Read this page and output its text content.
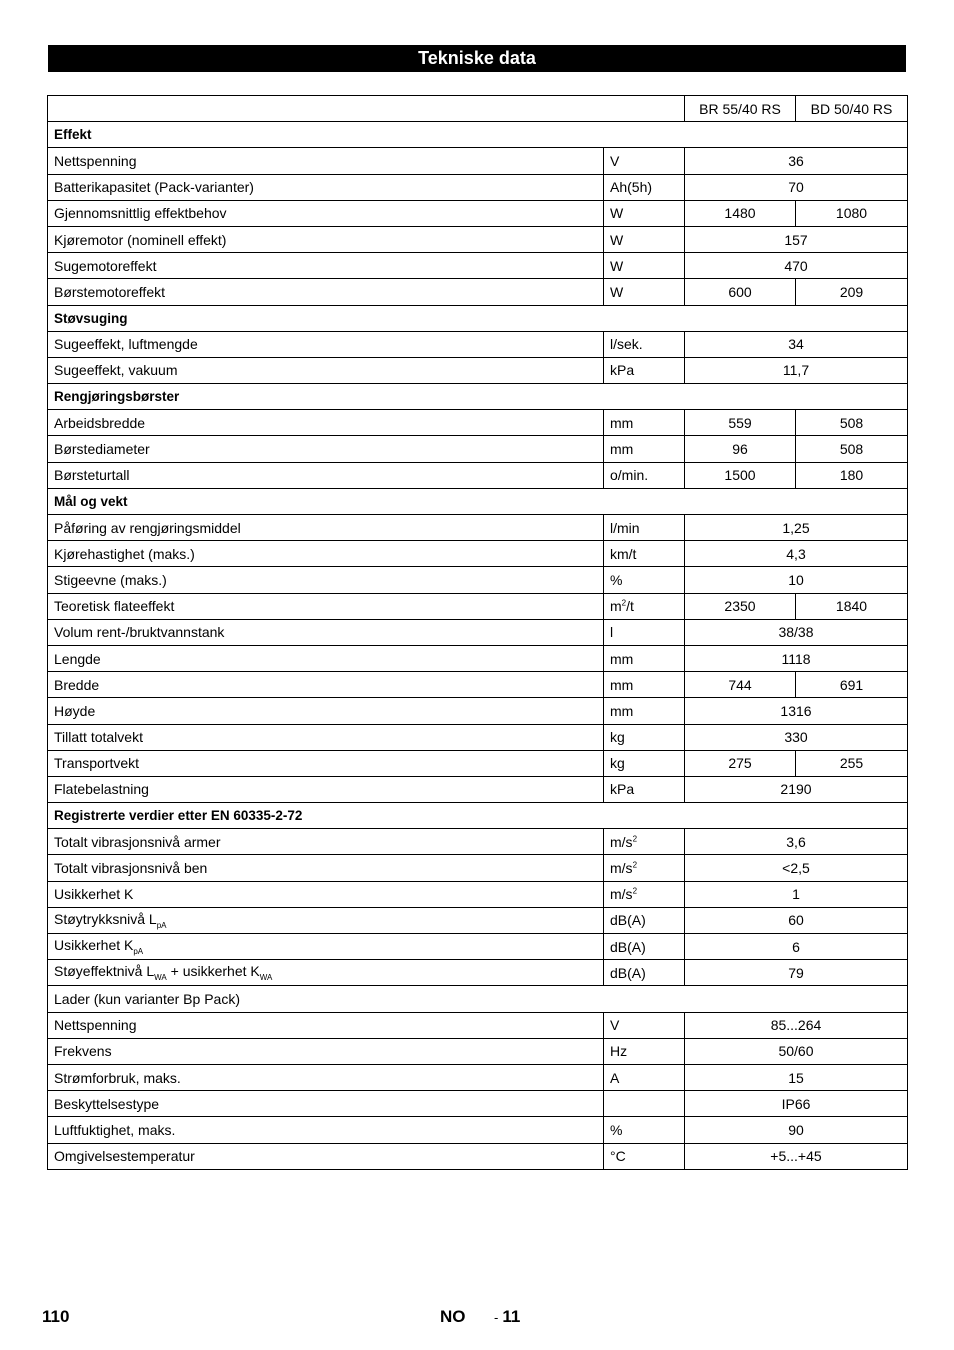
Tekniske data
		BR 55/40 RS	BD 50/40 RS
Effekt			
Nettspenning	V	36	
Batterikapasitet (Pack-varianter)	Ah(5h)	70	
Gjennomsnittlig effektbehov	W	1480	1080
Kjøremotor (nominell effekt)	W	157	
Sugemotoreffekt	W	470	
Børstemotoreffekt	W	600	209
Støvsuging			
Sugeeffekt, luftmengde	l/sek.	34	
Sugeeffekt, vakuum	kPa	11,7	
Rengjøringsbørster			
Arbeidsbredde	mm	559	508
Børstediameter	mm	96	508
Børsteturtall	o/min.	1500	180
Mål og vekt			
Påføring av rengjøringsmiddel	l/min	1,25	
Kjørehastighet (maks.)	km/t	4,3	
Stigeevne (maks.)	%	10	
Teoretisk flateeffekt	$m^2/t$	2350	1840
Volum rent-/bruktvannstank	l	38/38	
Lengde	mm	1118	
Bredde	mm	744	691
Høyde	mm	1316	
Tillatt totalvekt	kg	330	
Transportvekt	kg	275	255
Flatebelastning	kPa	2190	
Registrerte verdier etter EN 60335-2-72			
Totalt vibrasjonsnivå armer	$m/s^2$	3,6	
Totalt vibrasjonsnivå ben	$m/s^2$	<2,5	
Usikkerhet K	$m/s^2$	1	
Støytrykksnivå $L_{pA}$	dB(A)	60	
Usikkerhet $K_{pA}$	dB(A)	6	
Støyeffektnivå $L_{WA}$ + usikkerhet $K_{WA}$	dB(A)	79	
Lader (kun varianter Bp Pack)			
Nettspenning	V	85...264	
Frekvens	Hz	50/60	
Strømforbruk, maks.	A	15	
Beskyttelsestype		IP66	
Luftfuktighet, maks.	%	90	
Omgivelsestemperatur	°C	+5...+45	
110	NO - 11
